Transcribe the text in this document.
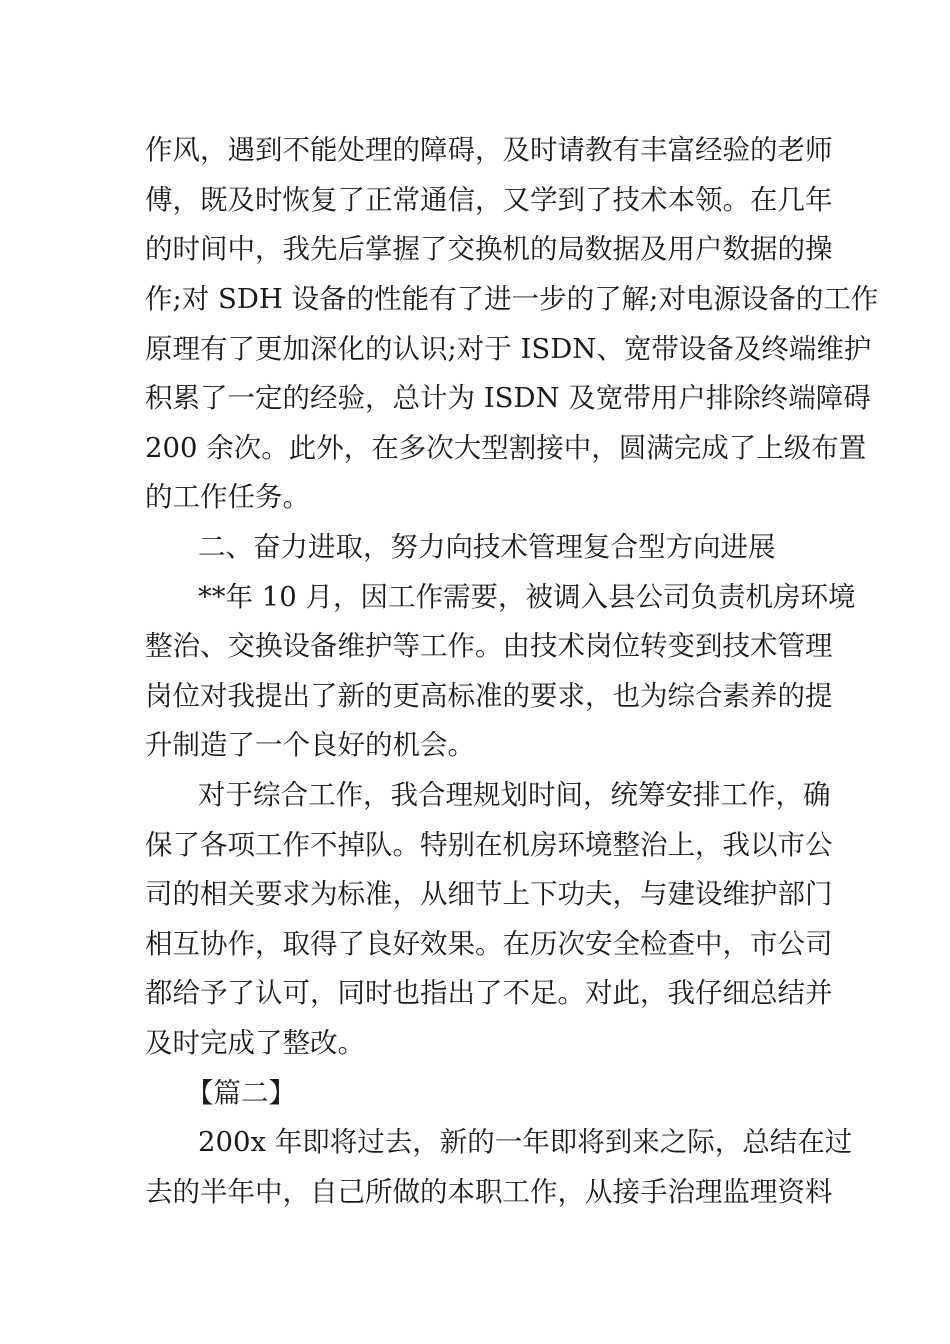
作风，遇到不能处理的障碍，及时请教有丰富经验的老师
傅，既及时恢复了正常通信，又学到了技术本领。在几年
的时间中，我先后掌握了交换机的局数据及用户数据的操
作;对 SDH 设备的性能有了进一步的了解;对电源设备的工作
原理有了更加深化的认识;对于 ISDN、宽带设备及终端维护
积累了一定的经验，总计为 ISDN 及宽带用户排除终端障碍
200 余次。此外，在多次大型割接中，圆满完成了上级布置
的工作任务。
二、奋力进取，努力向技术管理复合型方向进展
**年 10 月，因工作需要，被调入县公司负责机房环境
整治、交换设备维护等工作。由技术岗位转变到技术管理
岗位对我提出了新的更高标准的要求，也为综合素养的提
升制造了一个良好的机会。
对于综合工作，我合理规划时间，统筹安排工作，确
保了各项工作不掉队。特别在机房环境整治上，我以市公
司的相关要求为标准，从细节上下功夫，与建设维护部门
相互协作，取得了良好效果。在历次安全检查中，市公司
都给予了认可，同时也指出了不足。对此，我仔细总结并
及时完成了整改。
【篇二】
200x 年即将过去，新的一年即将到来之际，总结在过
去的半年中，自己所做的本职工作，从接手治理监理资料
